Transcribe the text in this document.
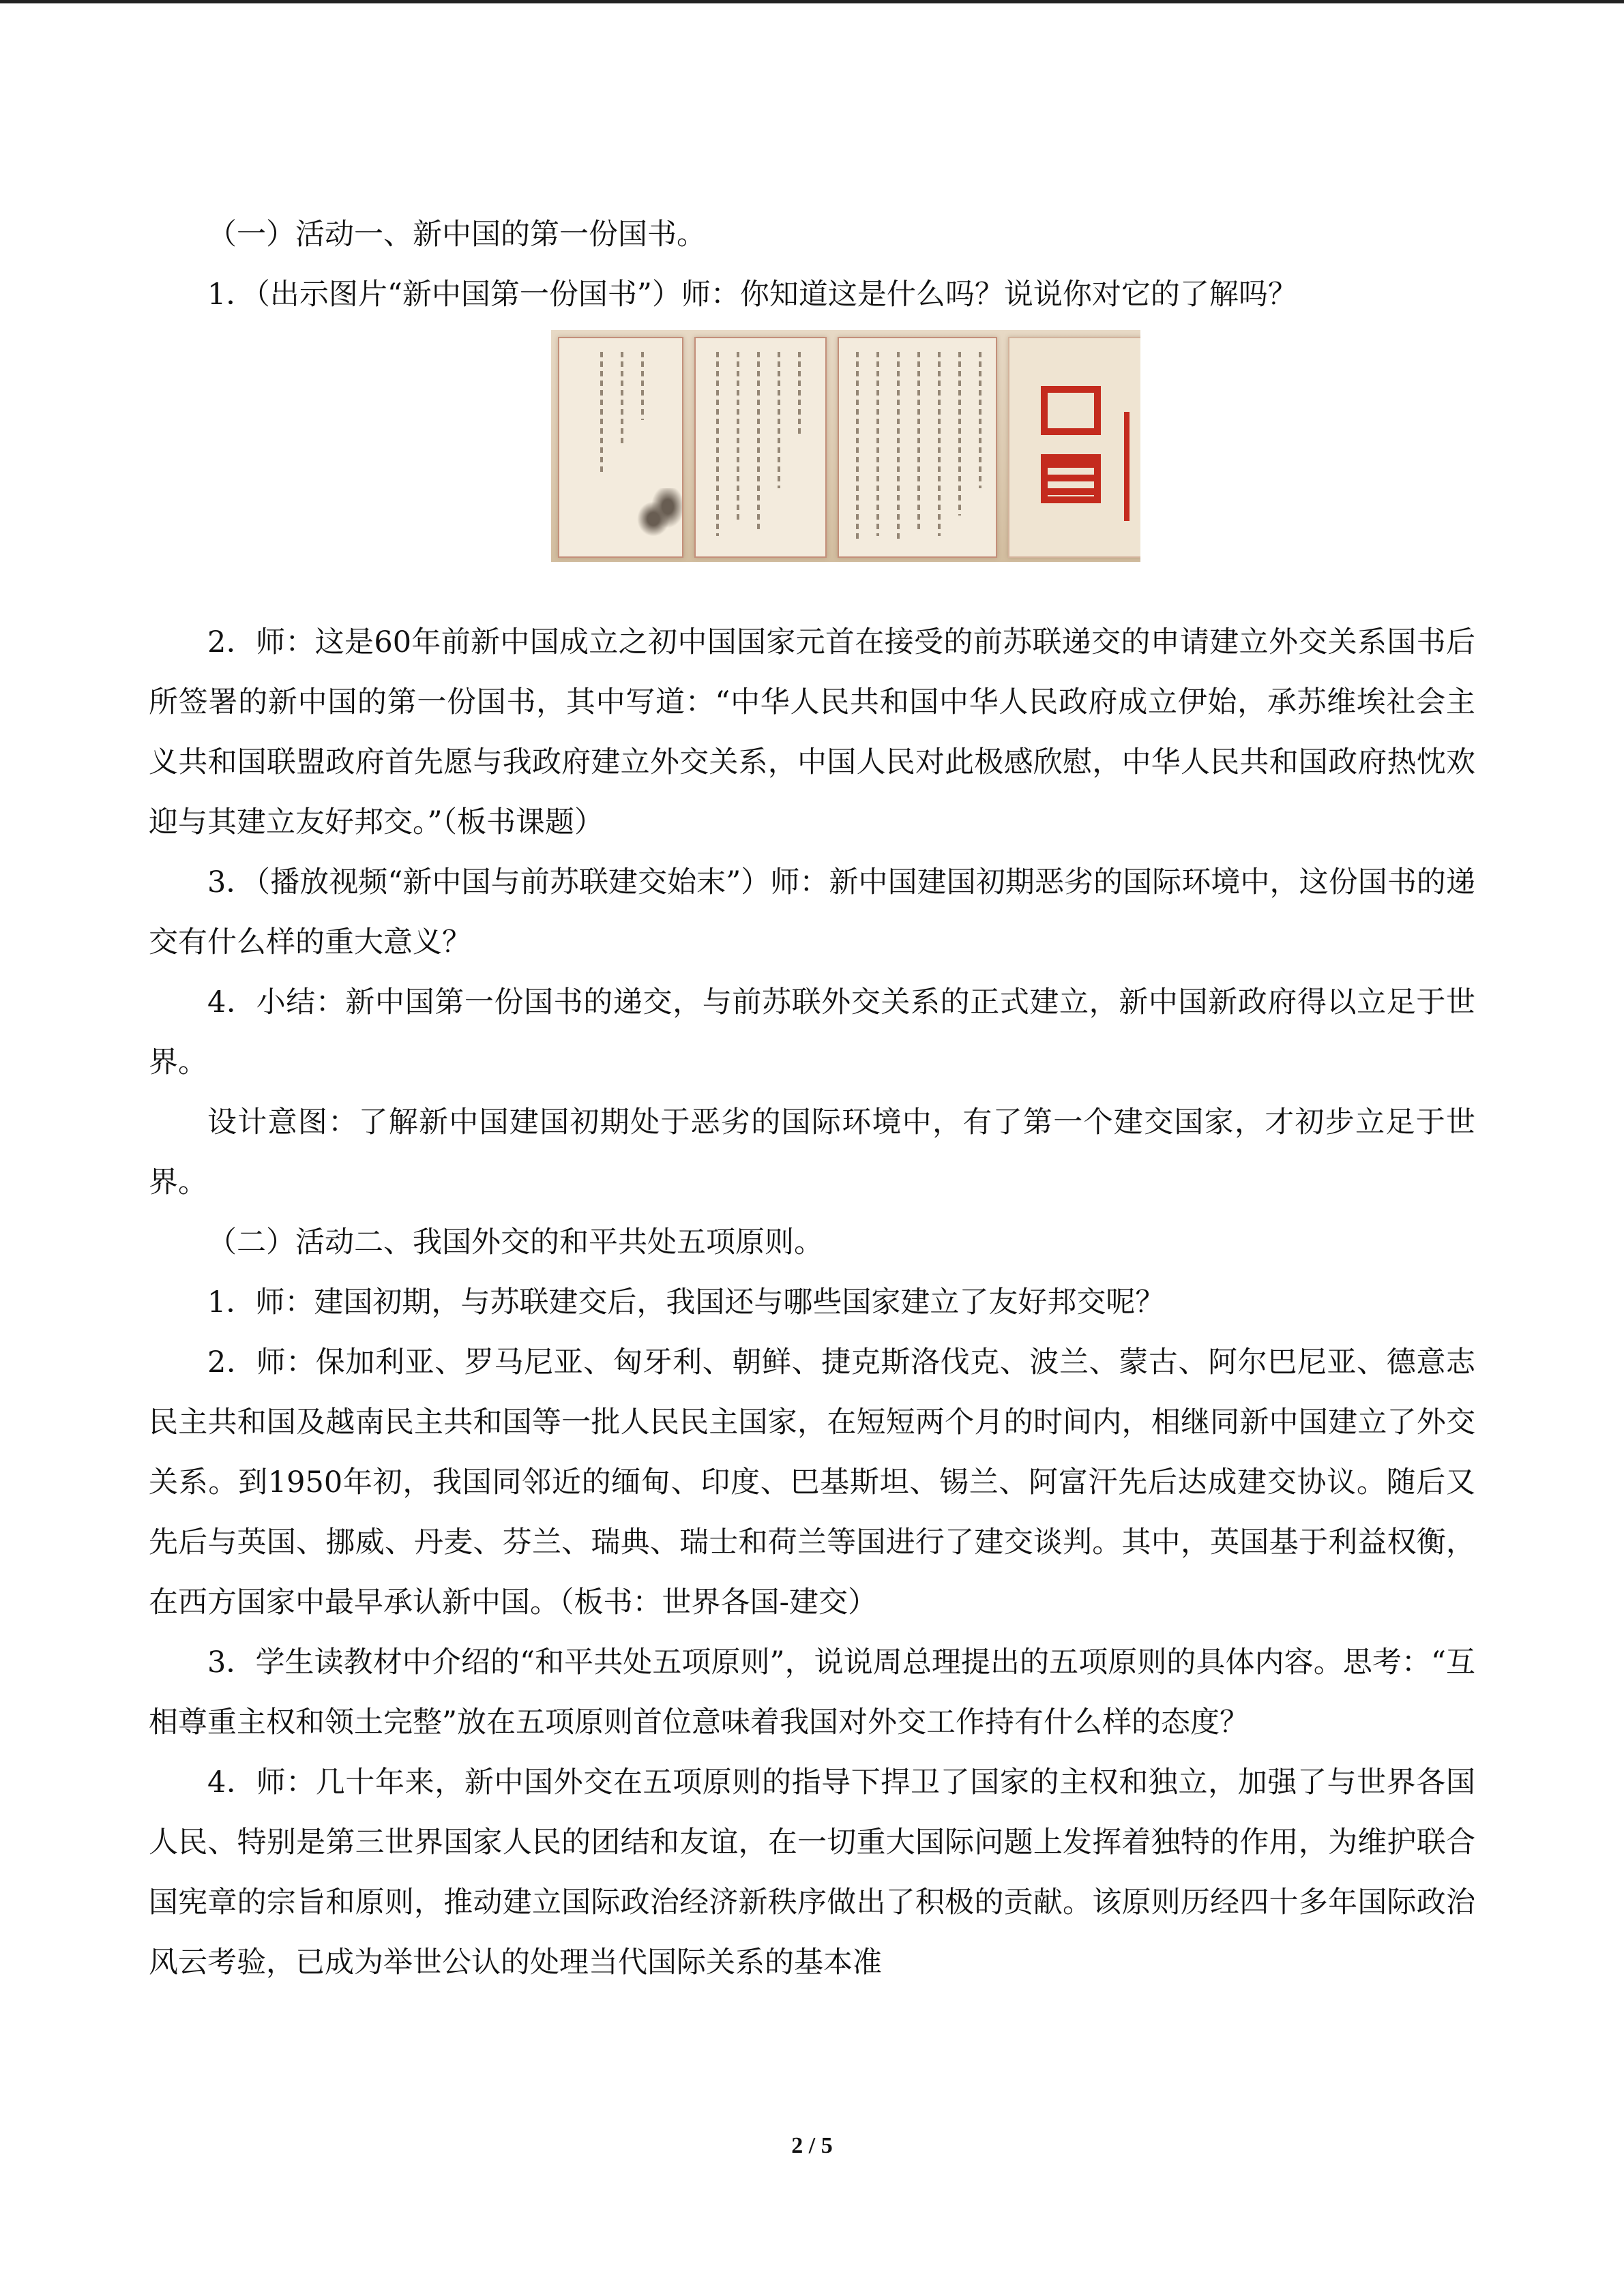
（一）活动一、新中国的第一份国书。

1．（出示图片“新中国第一份国书”）师：你知道这是什么吗？说说你对它的了解吗？

2．师：这是60年前新中国成立之初中国国家元首在接受的前苏联递交的申请建立外交关系国书后所签署的新中国的第一份国书，其中写道：“中华人民共和国中华人民政府成立伊始，承苏维埃社会主义共和国联盟政府首先愿与我政府建立外交关系，中国人民对此极感欣慰，中华人民共和国政府热忱欢迎与其建立友好邦交。”（板书课题）

3．（播放视频“新中国与前苏联建交始末”）师：新中国建国初期恶劣的国际环境中，这份国书的递交有什么样的重大意义？

4．小结：新中国第一份国书的递交，与前苏联外交关系的正式建立，新中国新政府得以立足于世界。

设计意图：了解新中国建国初期处于恶劣的国际环境中，有了第一个建交国家，才初步立足于世界。

（二）活动二、我国外交的和平共处五项原则。

1．师：建国初期，与苏联建交后，我国还与哪些国家建立了友好邦交呢？

2．师：保加利亚、罗马尼亚、匈牙利、朝鲜、捷克斯洛伐克、波兰、蒙古、阿尔巴尼亚、德意志民主共和国及越南民主共和国等一批人民民主国家，在短短两个月的时间内，相继同新中国建立了外交关系。到1950年初，我国同邻近的缅甸、印度、巴基斯坦、锡兰、阿富汗先后达成建交协议。随后又先后与英国、挪威、丹麦、芬兰、瑞典、瑞士和荷兰等国进行了建交谈判。其中，英国基于利益权衡，在西方国家中最早承认新中国。（板书：世界各国-建交）

3．学生读教材中介绍的“和平共处五项原则”，说说周总理提出的五项原则的具体内容。思考：“互相尊重主权和领土完整”放在五项原则首位意味着我国对外交工作持有什么样的态度？

4．师：几十年来，新中国外交在五项原则的指导下捍卫了国家的主权和独立，加强了与世界各国人民、特别是第三世界国家人民的团结和友谊，在一切重大国际问题上发挥着独特的作用，为维护联合国宪章的宗旨和原则，推动建立国际政治经济新秩序做出了积极的贡献。该原则历经四十多年国际政治风云考验，已成为举世公认的处理当代国际关系的基本准

2 / 5
